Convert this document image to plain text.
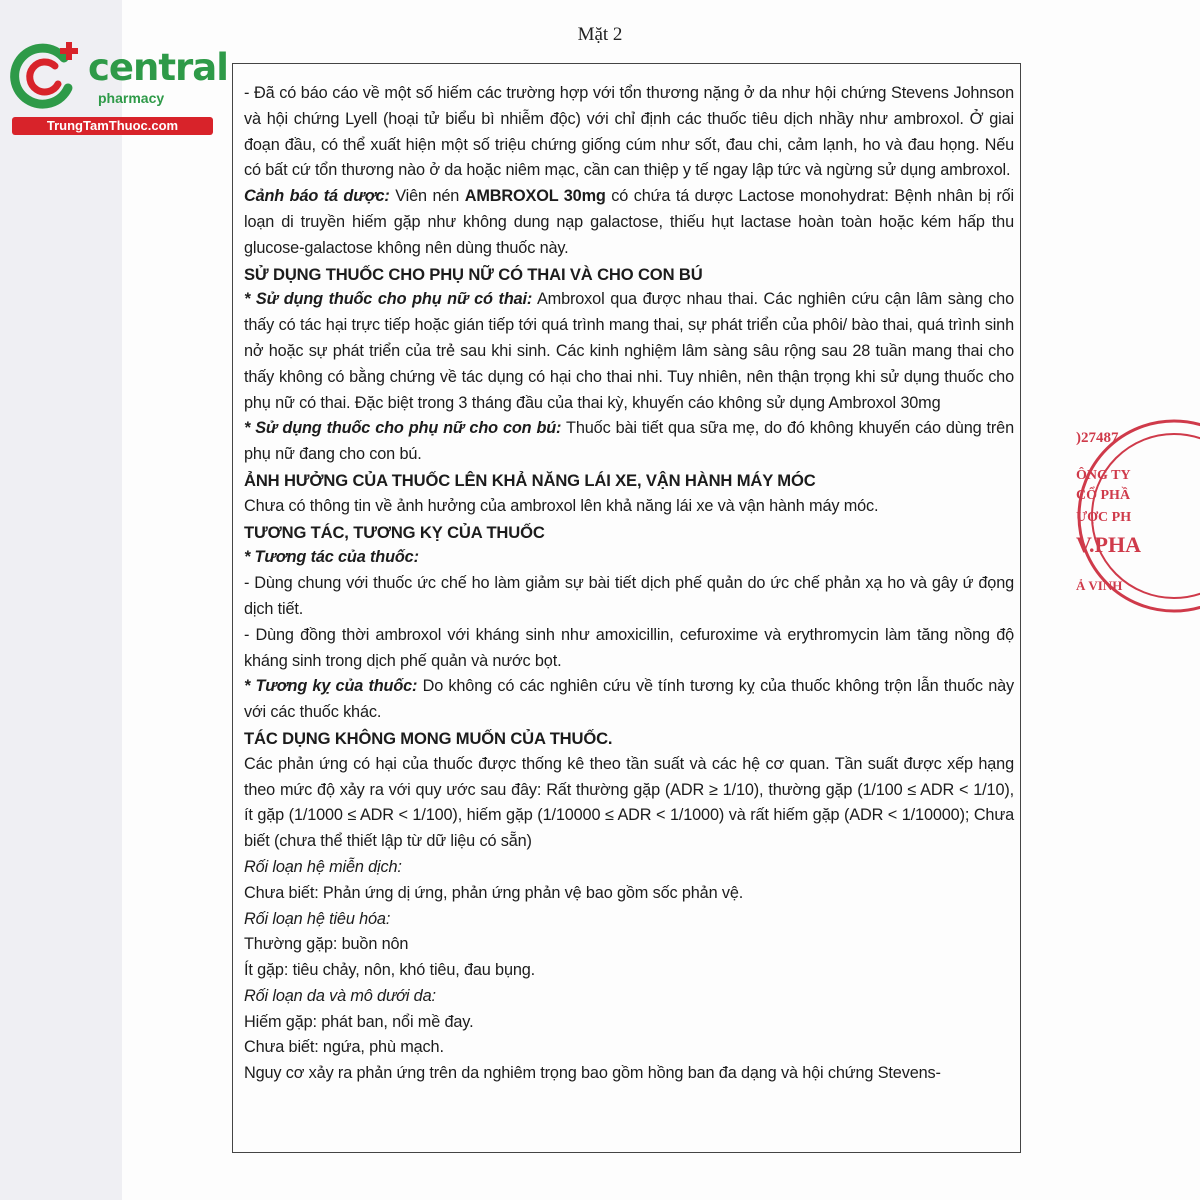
central
pharmacy
TrungTamThuoc.com
Mặt 2
)27487
ÔNG TY
CỔ PHẦ
ƯỢC PH
V.PHA
Ả VINH

- Đã có báo cáo về một số hiếm các trường hợp với tổn thương nặng ở da như hội chứng Stevens Johnson và hội chứng Lyell (hoại tử biểu bì nhiễm độc) với chỉ định các thuốc tiêu dịch nhầy như ambroxol. Ở giai đoạn đầu, có thể xuất hiện một số triệu chứng giống cúm như sốt, đau chi, cảm lạnh, ho và đau họng. Nếu có bất cứ tổn thương nào ở da hoặc niêm mạc, cần can thiệp y tế ngay lập tức và ngừng sử dụng ambroxol.

Cảnh báo tá dược: Viên nén AMBROXOL 30mg có chứa tá dược Lactose monohydrat: Bệnh nhân bị rối loạn di truyền hiếm gặp như không dung nạp galactose, thiếu hụt lactase hoàn toàn hoặc kém hấp thu glucose-galactose không nên dùng thuốc này.

SỬ DỤNG THUỐC CHO PHỤ NỮ CÓ THAI VÀ CHO CON BÚ

* Sử dụng thuốc cho phụ nữ có thai: Ambroxol qua được nhau thai. Các nghiên cứu cận lâm sàng cho thấy có tác hại trực tiếp hoặc gián tiếp tới quá trình mang thai, sự phát triển của phôi/ bào thai, quá trình sinh nở hoặc sự phát triển của trẻ sau khi sinh. Các kinh nghiệm lâm sàng sâu rộng sau 28 tuần mang thai cho thấy không có bằng chứng về tác dụng có hại cho thai nhi. Tuy nhiên, nên thận trọng khi sử dụng thuốc cho phụ nữ có thai. Đặc biệt trong 3 tháng đầu của thai kỳ, khuyến cáo không sử dụng Ambroxol 30mg

* Sử dụng thuốc cho phụ nữ cho con bú: Thuốc bài tiết qua sữa mẹ, do đó không khuyến cáo dùng trên phụ nữ đang cho con bú.

ẢNH HƯỞNG CỦA THUỐC LÊN KHẢ NĂNG LÁI XE, VẬN HÀNH MÁY MÓC

Chưa có thông tin về ảnh hưởng của ambroxol lên khả năng lái xe và vận hành máy móc.

TƯƠNG TÁC, TƯƠNG KỴ CỦA THUỐC

* Tương tác của thuốc:

- Dùng chung với thuốc ức chế ho làm giảm sự bài tiết dịch phế quản do ức chế phản xạ ho và gây ứ đọng dịch tiết.

- Dùng đồng thời ambroxol với kháng sinh như amoxicillin, cefuroxime và erythromycin làm tăng nồng độ kháng sinh trong dịch phế quản và nước bọt.

* Tương kỵ của thuốc: Do không có các nghiên cứu về tính tương kỵ của thuốc không trộn lẫn thuốc này với các thuốc khác.

TÁC DỤNG KHÔNG MONG MUỐN CỦA THUỐC.

Các phản ứng có hại của thuốc được thống kê theo tần suất và các hệ cơ quan. Tần suất được xếp hạng theo mức độ xảy ra với quy ước sau đây: Rất thường gặp (ADR ≥ 1/10), thường gặp (1/100 ≤ ADR < 1/10), ít gặp (1/1000 ≤ ADR < 1/100), hiếm gặp (1/10000 ≤ ADR < 1/1000) và rất hiếm gặp (ADR < 1/10000); Chưa biết (chưa thể thiết lập từ dữ liệu có sẵn)

Rối loạn hệ miễn dịch:

Chưa biết: Phản ứng dị ứng, phản ứng phản vệ bao gồm sốc phản vệ.

Rối loạn hệ tiêu hóa:

Thường gặp: buồn nôn

Ít gặp: tiêu chảy, nôn, khó tiêu, đau bụng.

Rối loạn da và mô dưới da:

Hiếm gặp: phát ban, nổi mề đay.

Chưa biết: ngứa, phù mạch.

Nguy cơ xảy ra phản ứng trên da nghiêm trọng bao gồm hồng ban đa dạng và hội chứng Stevens-
